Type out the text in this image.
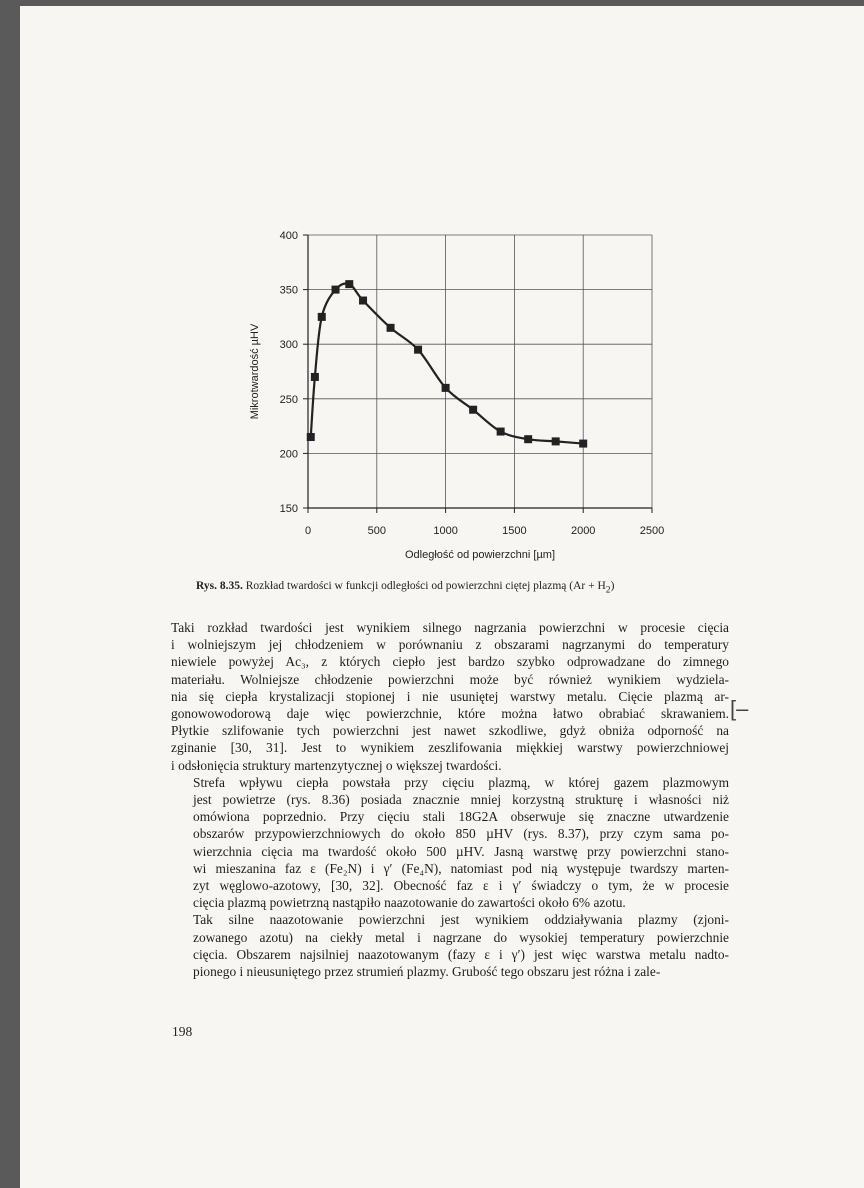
0	500	1000	1500	2000	2500
400
350
300
250
200
150
Odległość od powierzchni [µm]
Mikrotwardość µHV
Rys. 8.35. Rozkład twardości w funkcji odległości od powierzchni ciętej plazmą $(Ar + H_2)$

Taki rozkład twardości jest wynikiem silnego nagrzania powierzchni w procesie cięcia
i wolniejszym jej chłodzeniem w porównaniu z obszarami nagrzanymi do temperatury
niewiele powyżej Ac₃, z których ciepło jest bardzo szybko odprowadzane do zimnego
materiału. Wolniejsze chłodzenie powierzchni może być również wynikiem wydziela-
nia się ciepła krystalizacji stopionej i nie usuniętej warstwy metalu. Cięcie plazmą ar-
gonowowodorową daje więc powierzchnie, które można łatwo obrabiać skrawaniem.
Płytkie szlifowanie tych powierzchni jest nawet szkodliwe, gdyż obniża odporność na
zginanie [30, 31]. Jest to wynikiem zeszlifowania miękkiej warstwy powierzchniowej
i odsłonięcia struktury martenzytycznej o większej twardości.

Strefa wpływu ciepła powstała przy cięciu plazmą, w której gazem plazmowym
jest powietrze (rys. 8.36) posiada znacznie mniej korzystną strukturę i własności niż
omówiona poprzednio. Przy cięciu stali 18G2A obserwuje się znaczne utwardzenie
obszarów przypowierzchniowych do około 850 µHV (rys. 8.37), przy czym sama po-
wierzchnia cięcia ma twardość około 500 µHV. Jasną warstwę przy powierzchni stano-
wi mieszanina faz ε (Fe₂N) i γ′ (Fe₄N), natomiast pod nią występuje twardszy marten-
zyt węglowo-azotowy, [30, 32]. Obecność faz ε i γ′ świadczy o tym, że w procesie
cięcia plazmą powietrzną nastąpiło naazotowanie do zawartości około 6% azotu.

Tak silne naazotowanie powierzchni jest wynikiem oddziaływania plazmy (zjoni-
zowanego azotu) na ciekły metal i nagrzane do wysokiej temperatury powierzchnie
cięcia. Obszarem najsilniej naazotowanym (fazy ε i γ′) jest więc warstwa metalu nadto-
pionego i nieusuniętego przez strumień plazmy. Grubość tego obszaru jest różna i zale-

198
[–
